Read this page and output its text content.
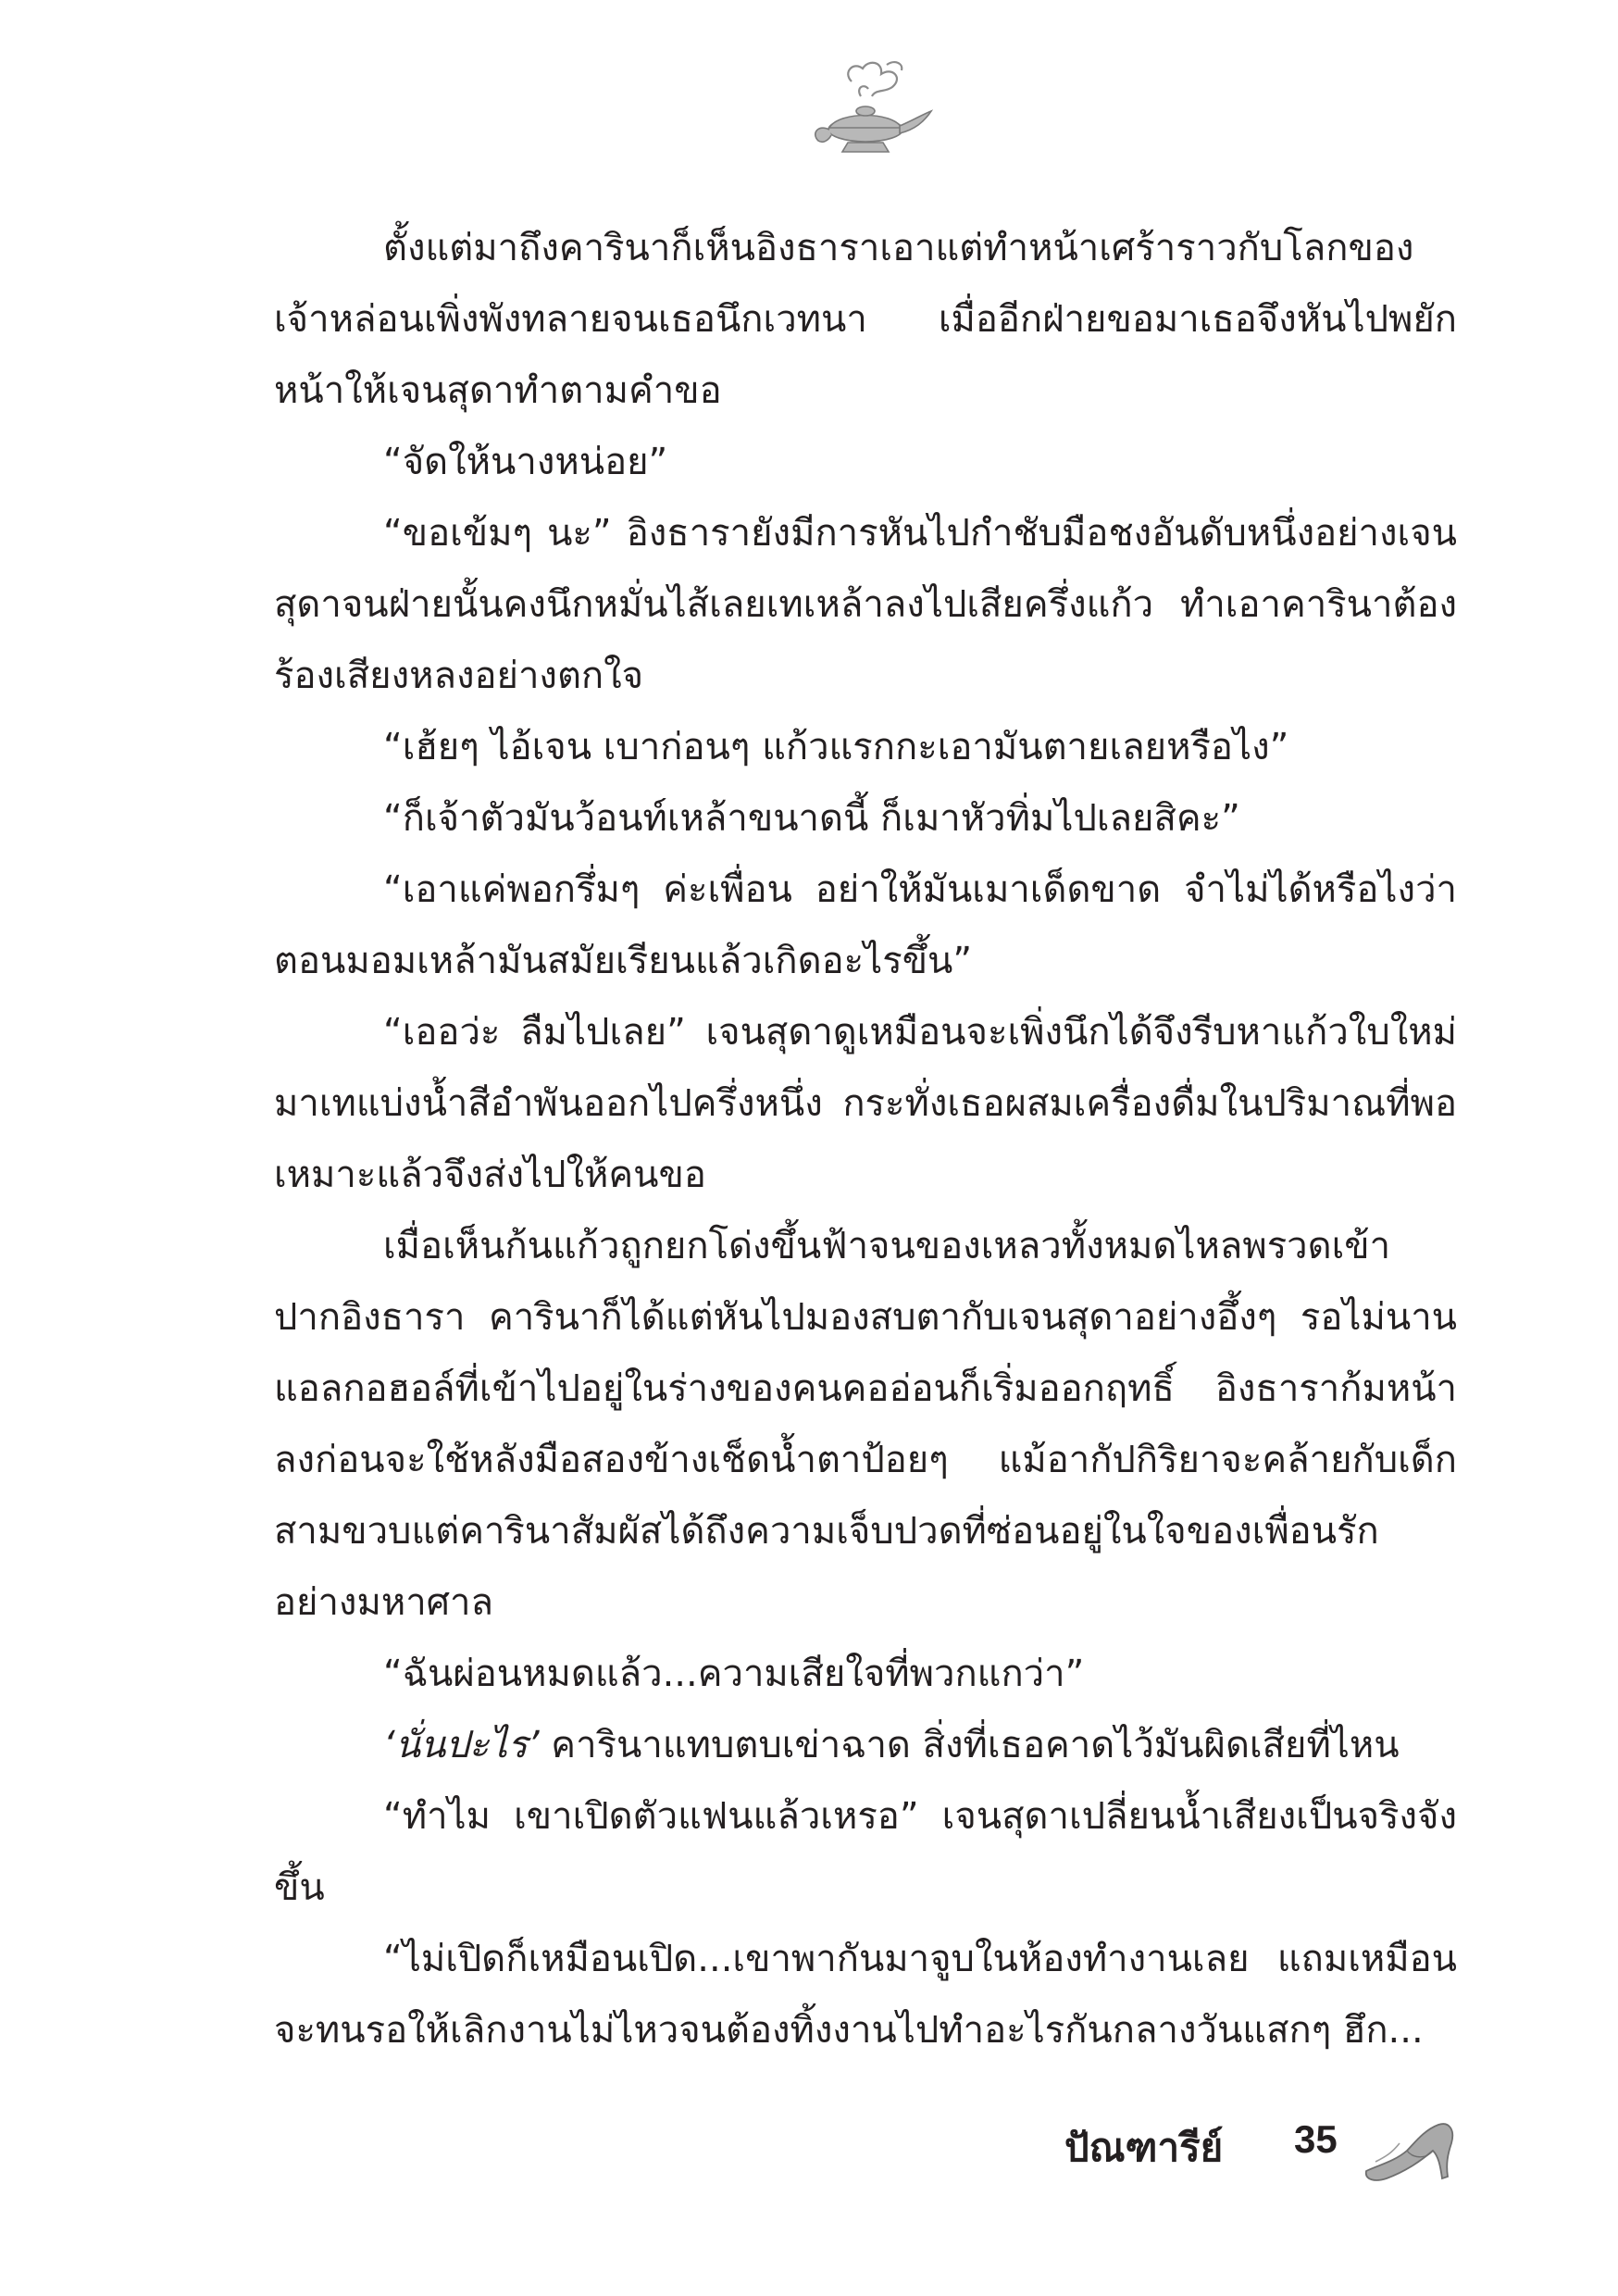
ตั้งแต่มาถึงคารินาก็เห็นอิงธาราเอาแต่ทำหน้าเศร้าราวกับโลกของเจ้าหล่อนเพิ่งพังทลายจนเธอนึกเวทนา เมื่ออีกฝ่ายขอมาเธอจึงหันไปพยักหน้าให้เจนสุดาทำตามคำขอ

“จัดให้นางหน่อย”

“ขอเข้มๆ นะ” อิงธารายังมีการหันไปกำชับมือชงอันดับหนึ่งอย่างเจนสุดาจนฝ่ายนั้นคงนึกหมั่นไส้เลยเทเหล้าลงไปเสียครึ่งแก้ว ทำเอาคารินาต้องร้องเสียงหลงอย่างตกใจ

“เฮ้ยๆ ไอ้เจน เบาก่อนๆ แก้วแรกกะเอามันตายเลยหรือไง”

“ก็เจ้าตัวมันว้อนท์เหล้าขนาดนี้ ก็เมาหัวทิ่มไปเลยสิคะ”

“เอาแค่พอกรึ่มๆ ค่ะเพื่อน อย่าให้มันเมาเด็ดขาด จำไม่ได้หรือไงว่าตอนมอมเหล้ามันสมัยเรียนแล้วเกิดอะไรขึ้น”

“เออว่ะ ลืมไปเลย” เจนสุดาดูเหมือนจะเพิ่งนึกได้จึงรีบหาแก้วใบใหม่มาเทแบ่งน้ำสีอำพันออกไปครึ่งหนึ่ง กระทั่งเธอผสมเครื่องดื่มในปริมาณที่พอเหมาะแล้วจึงส่งไปให้คนขอ

เมื่อเห็นก้นแก้วถูกยกโด่งขึ้นฟ้าจนของเหลวทั้งหมดไหลพรวดเข้าปากอิงธารา คารินาก็ได้แต่หันไปมองสบตากับเจนสุดาอย่างอึ้งๆ รอไม่นานแอลกอฮอล์ที่เข้าไปอยู่ในร่างของคนคออ่อนก็เริ่มออกฤทธิ์ อิงธาราก้มหน้าลงก่อนจะใช้หลังมือสองข้างเช็ดน้ำตาป้อยๆ แม้อากัปกิริยาจะคล้ายกับเด็กสามขวบแต่คารินาสัมผัสได้ถึงความเจ็บปวดที่ซ่อนอยู่ในใจของเพื่อนรักอย่างมหาศาล

“ฉันผ่อนหมดแล้ว...ความเสียใจที่พวกแกว่า”

‘นั่นปะไร’ คารินาแทบตบเข่าฉาด สิ่งที่เธอคาดไว้มันผิดเสียที่ไหน

“ทำไม เขาเปิดตัวแฟนแล้วเหรอ” เจนสุดาเปลี่ยนน้ำเสียงเป็นจริงจังขึ้น

“ไม่เปิดก็เหมือนเปิด...เขาพากันมาจูบในห้องทำงานเลย แถมเหมือนจะทนรอให้เลิกงานไม่ไหวจนต้องทิ้งงานไปทำอะไรกันกลางวันแสกๆ ฮึก...

ปัณฑารีย์ 35
